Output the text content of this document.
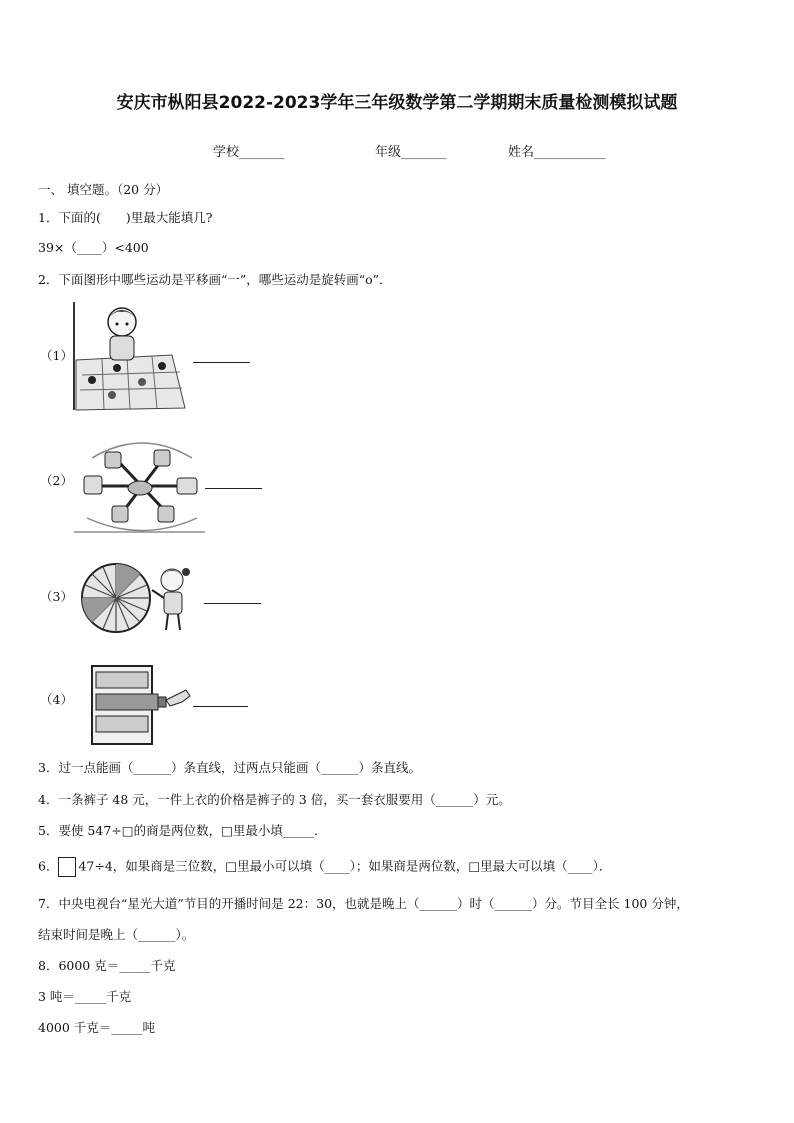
安庆市枞阳县2022-2023学年三年级数学第二学期期末质量检测模拟试题
学校_______	年级_______	姓名___________
一、 填空题。（20 分）
1．下面的(　　)里最大能填几?
39×（____）<400
2．下面图形中哪些运动是平移画“一”，哪些运动是旋转画“o”．
（1）
（2）
（3）
（4）
3．过一点能画（______）条直线，过两点只能画（______）条直线。
4．一条裤子 48 元，一件上衣的价格是裤子的 3 倍，买一套衣服要用（______）元。
5．要使 547÷□的商是两位数，□里最小填_____．
6． 47÷4，如果商是三位数，□里最小可以填（____）；如果商是两位数，□里最大可以填（____）．
7．中央电视台“星光大道”节目的开播时间是 22：30，也就是晚上（______）时（______）分。节目全长 100 分钟，
结束时间是晚上（______）。
8．6000 克＝_____千克
3 吨＝_____千克
4000 千克＝_____吨
